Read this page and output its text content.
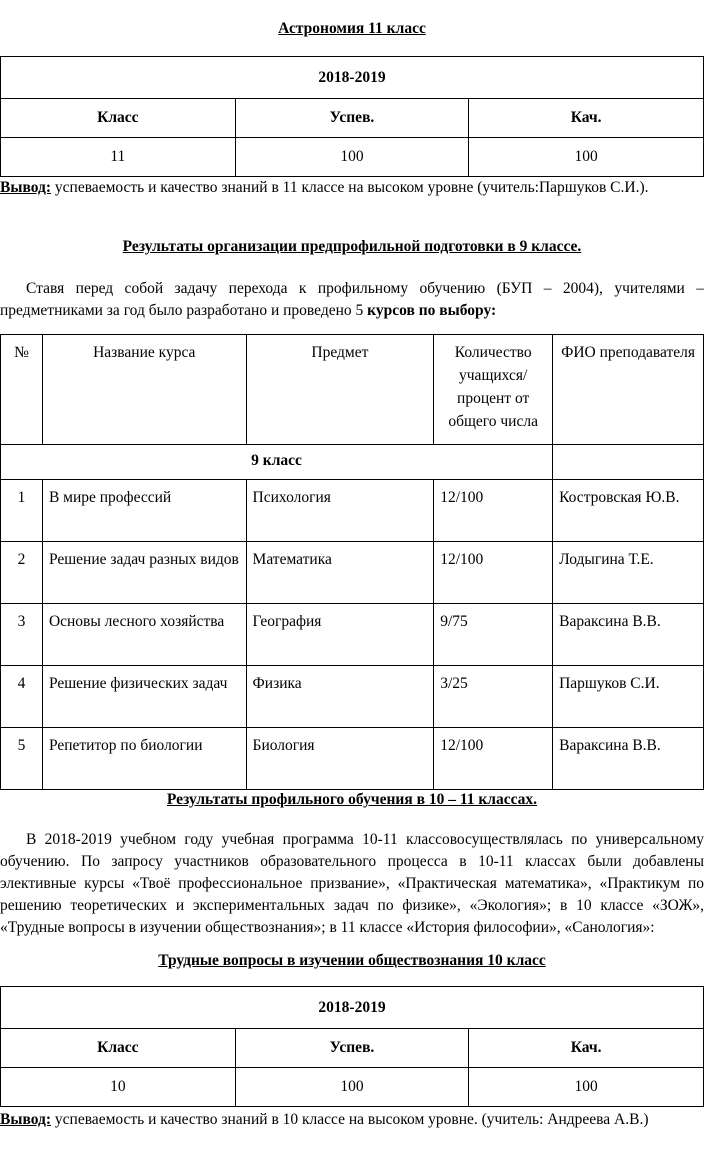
Астрономия 11 класс
2018-2019		
Класс	Успев.	Кач.
11	100	100
Вывод: успеваемость и качество знаний в 11 классе на высоком уровне (учитель:Паршуков С.И.).
Результаты организации предпрофильной подготовки в 9 классе.
Ставя перед собой задачу перехода к профильному обучению (БУП – 2004), учителями – предметниками за год было разработано и проведено 5 курсов по выбору:
№	Название курса	Предмет	Количество учащихся/ процент от общего числа	ФИО преподавателя
9 класс				
1	В мире профессий	Психология	12/100	Костровская Ю.В.
2	Решение задач разных видов	Математика	12/100	Лодыгина Т.Е.
3	Основы лесного хозяйства	География	9/75	Вараксина В.В.
4	Решение физических задач	Физика	3/25	Паршуков С.И.
5	Репетитор по биологии	Биология	12/100	Вараксина В.В.
Результаты профильного обучения в 10 – 11 классах.
В 2018-2019 учебном году учебная программа 10-11 классовосуществлялась по универсальному обучению. По запросу участников образовательного процесса в 10-11 классах были добавлены элективные курсы «Твоё профессиональное призвание», «Практическая математика», «Практикум по решению теоретических и экспериментальных задач по физике», «Экология»; в 10 классе «ЗОЖ», «Трудные вопросы в изучении обществознания»; в 11 классе «История философии», «Санология»:
Трудные вопросы в изучении обществознания 10 класс
2018-2019		
Класс	Успев.	Кач.
10	100	100
Вывод: успеваемость и качество знаний в 10 классе на высоком уровне. (учитель: Андреева А.В.)
